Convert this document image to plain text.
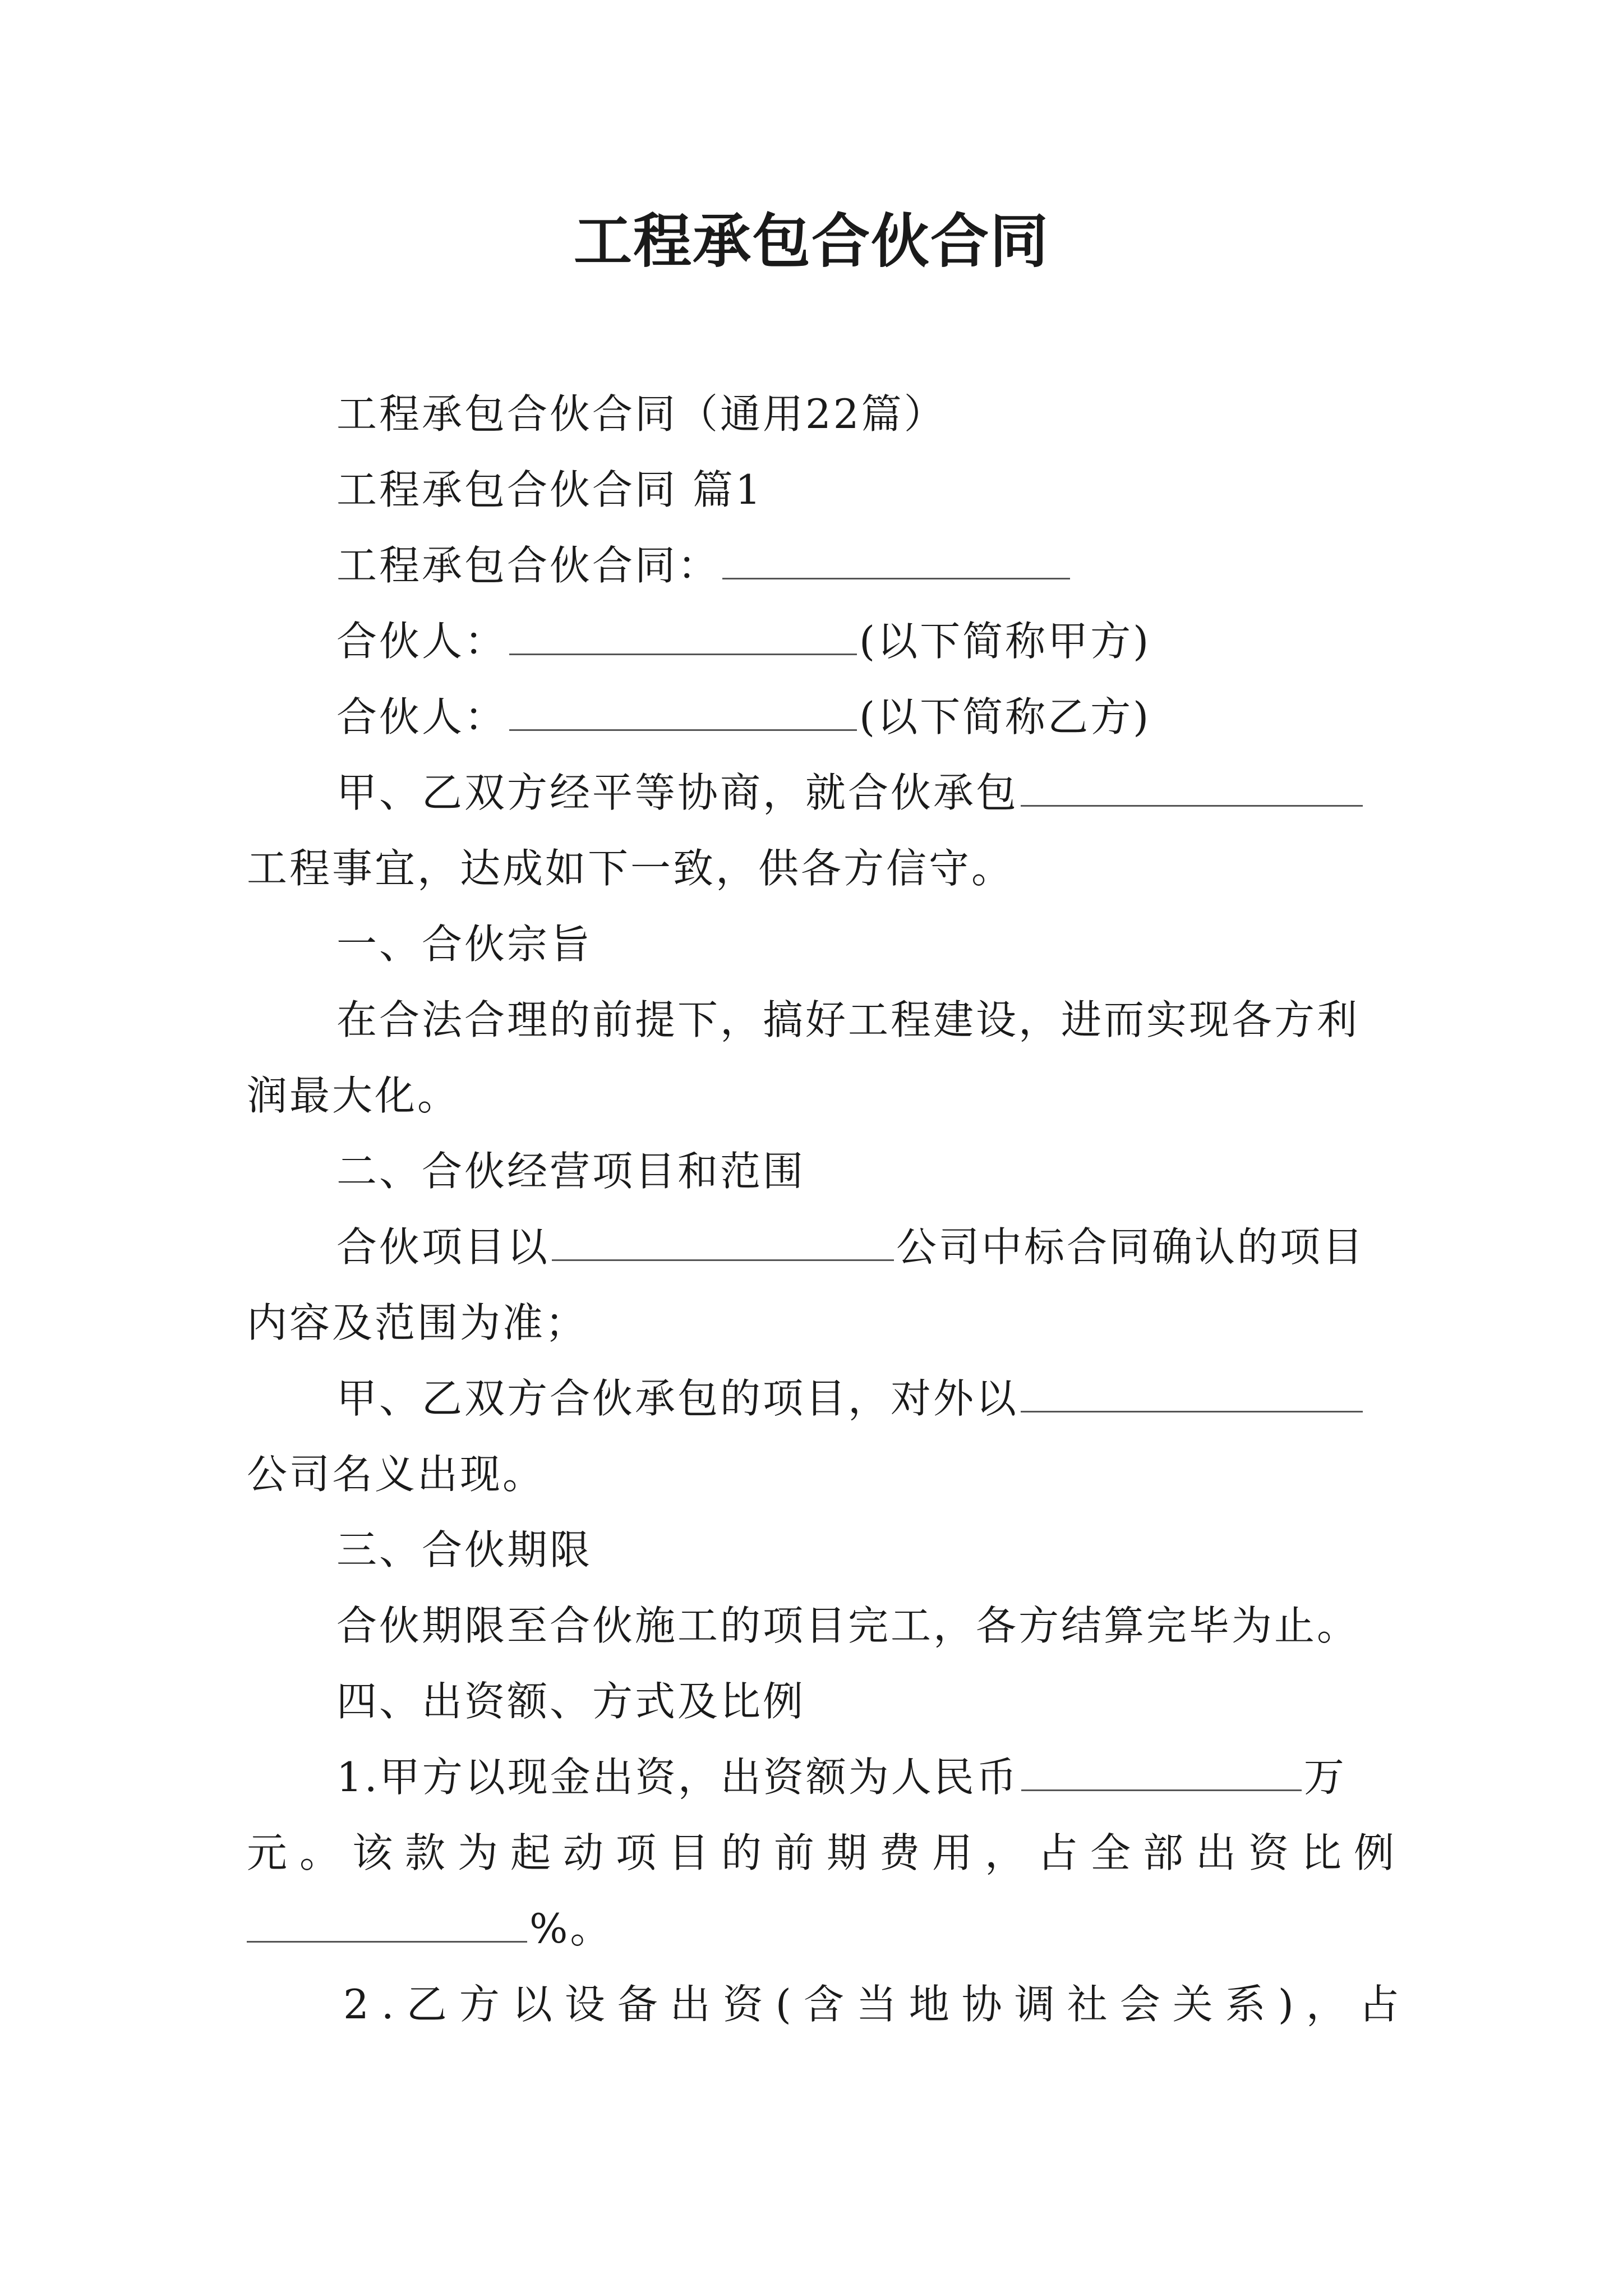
工程承包合伙合同
工程承包合伙合同（通用22篇）
工程承包合伙合同 篇1
工程承包合伙合同：
合伙人：	(以下简称甲方)
合伙人：	(以下简称乙方)
甲、乙双方经平等协商，就合伙承包
工程事宜，达成如下一致，供各方信守。
一、合伙宗旨
在合法合理的前提下，搞好工程建设，进而实现各方利
润最大化。
二、合伙经营项目和范围
合伙项目以	公司中标合同确认的项目
内容及范围为准；
甲、乙双方合伙承包的项目，对外以
公司名义出现。
三、合伙期限
合伙期限至合伙施工的项目完工，各方结算完毕为止。
四、出资额、方式及比例
1.甲方以现金出资，出资额为人民币	万
元。该款为起动项目的前期费用，占全部出资比例
%。
2.乙方以设备出资(含当地协调社会关系)，占
